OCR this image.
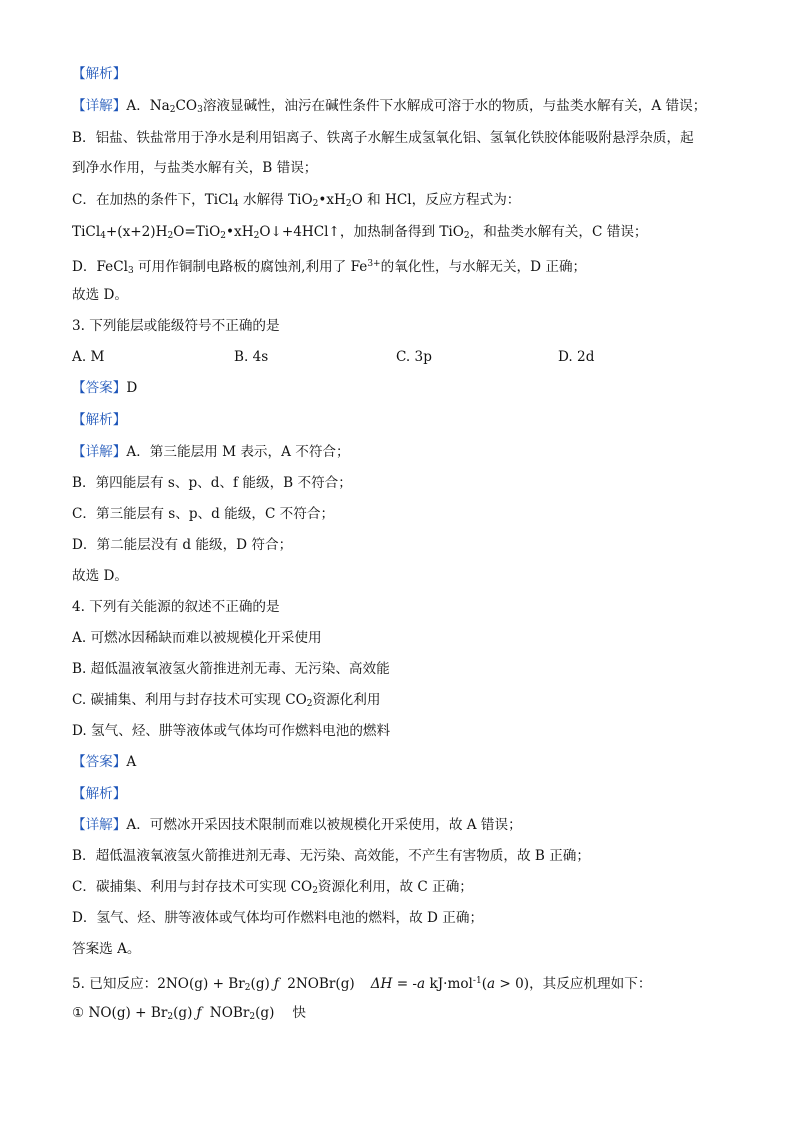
【解析】
【详解】A．$Na_2CO_3$溶液显碱性，油污在碱性条件下水解成可溶于水的物质，与盐类水解有关，A 错误；
B．铝盐、铁盐常用于净水是利用铝离子、铁离子水解生成氢氧化铝、氢氧化铁胶体能吸附悬浮杂质，起
到净水作用，与盐类水解有关，B 错误；
C．在加热的条件下，TiCl$_4$ 水解得 $TiO_2•xH_2O$ 和 HCl，反应方程式为：
$TiCl_4+(x+2)H_2O=TiO_2•xH_2O↓+4HCl↑$，加热制备得到 TiO$_2$，和盐类水解有关，C 错误；
D．FeCl$_3$ 可用作铜制电路板的腐蚀剂,利用了 $Fe^{3+}$的氧化性，与水解无关，D 正确；
故选 D。
3. 下列能层或能级符号不正确的是
A. M	B. 4s	C. 3p	D. 2d
【答案】D
【解析】
【详解】A．第三能层用 M 表示，A 不符合；
B．第四能层有 s、p、d、f 能级，B 不符合；
C．第三能层有 s、p、d 能级，C 不符合；
D．第二能层没有 d 能级，D 符合；
故选 D。
4. 下列有关能源的叙述不正确的是
A. 可燃冰因稀缺而难以被规模化开采使用
B. 超低温液氧液氢火箭推进剂无毒、无污染、高效能
C. 碳捕集、利用与封存技术可实现 $CO_2$资源化利用
D. 氢气、烃、肼等液体或气体均可作燃料电池的燃料
【答案】A
【解析】
【详解】A．可燃冰开采因技术限制而难以被规模化开采使用，故 A 错误；
B．超低温液氧液氢火箭推进剂无毒、无污染、高效能，不产生有害物质，故 B 正确；
C．碳捕集、利用与封存技术可实现 $CO_2$资源化利用，故 C 正确；
D．氢气、烃、肼等液体或气体均可作燃料电池的燃料，故 D 正确；
答案选 A。
5. 已知反应：$2NO(g) + Br_2(g)$ ƒ 2NOBr(g) ΔH = -a kJ·mol$^{-1}$(a > 0)，其反应机理如下：
① $NO(g) + Br_2(g)$ ƒ NOBr$_2$(g) 快
